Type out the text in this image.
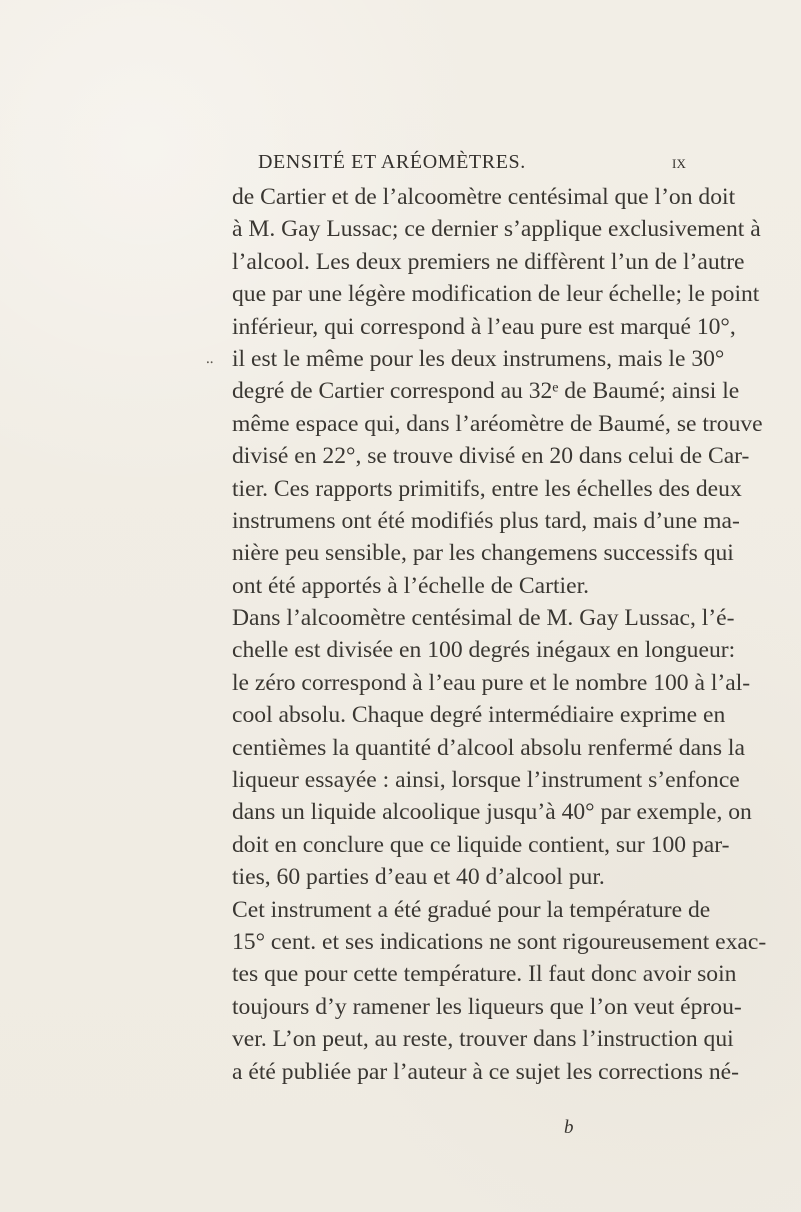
DENSITÉ ET ARÉOMÈTRES.	IX
⸱⸱
de Cartier et de l’alcoomètre centésimal que l’on doit
à M. Gay Lussac; ce dernier s’applique exclusivement à
l’alcool. Les deux premiers ne diffèrent l’un de l’autre
que par une légère modification de leur échelle; le point
inférieur, qui correspond à l’eau pure est marqué 10°,
il est le même pour les deux instrumens, mais le 30°
degré de Cartier correspond au 32ᵉ de Baumé; ainsi le
même espace qui, dans l’aréomètre de Baumé, se trouve
divisé en 22°, se trouve divisé en 20 dans celui de Car-
tier. Ces rapports primitifs, entre les échelles des deux
instrumens ont été modifiés plus tard, mais d’une ma-
nière peu sensible, par les changemens successifs qui
ont été apportés à l’échelle de Cartier.
Dans l’alcoomètre centésimal de M. Gay Lussac, l’é-
chelle est divisée en 100 degrés inégaux en longueur:
le zéro correspond à l’eau pure et le nombre 100 à l’al-
cool absolu. Chaque degré intermédiaire exprime en
centièmes la quantité d’alcool absolu renfermé dans la
liqueur essayée : ainsi, lorsque l’instrument s’enfonce
dans un liquide alcoolique jusqu’à 40° par exemple, on
doit en conclure que ce liquide contient, sur 100 par-
ties, 60 parties d’eau et 40 d’alcool pur.
Cet instrument a été gradué pour la température de
15° cent. et ses indications ne sont rigoureusement exac-
tes que pour cette température. Il faut donc avoir soin
toujours d’y ramener les liqueurs que l’on veut éprou-
ver. L’on peut, au reste, trouver dans l’instruction qui
a été publiée par l’auteur à ce sujet les corrections né-
b
